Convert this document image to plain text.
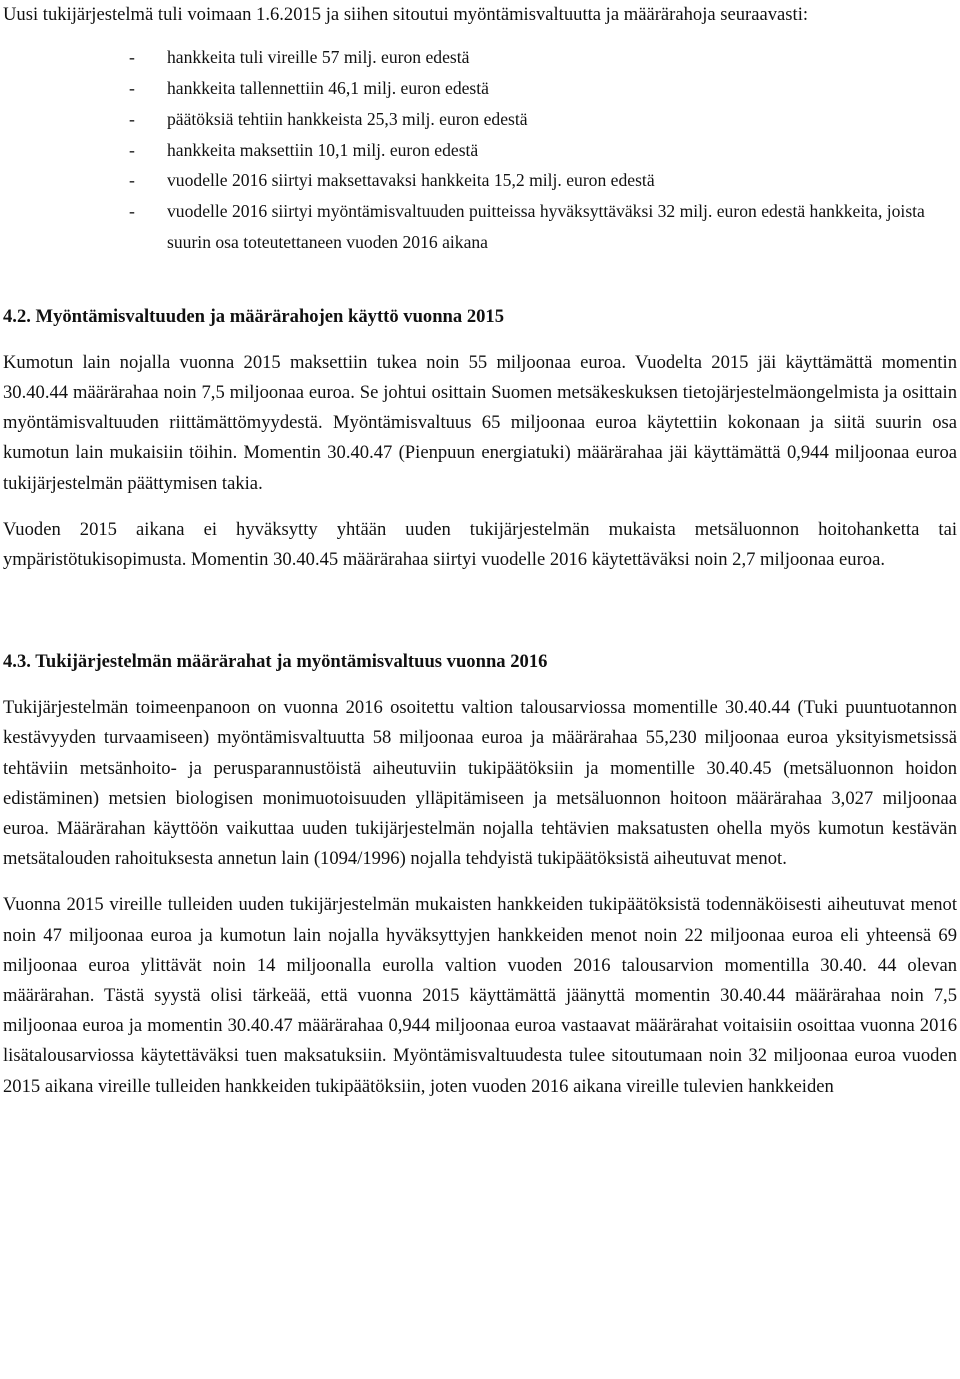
Uusi tukijärjestelmä tuli voimaan 1.6.2015 ja siihen sitoutui myöntämisvaltuutta ja määrärahoja seuraavasti:

- hankkeita tuli vireille 57 milj. euron edestä
- hankkeita tallennettiin 46,1 milj. euron edestä
- päätöksiä tehtiin hankkeista 25,3 milj. euron edestä
- hankkeita maksettiin 10,1 milj. euron edestä
- vuodelle 2016 siirtyi maksettavaksi hankkeita 15,2 milj. euron edestä
- vuodelle 2016 siirtyi myöntämisvaltuuden puitteissa hyväksyttäväksi 32 milj. euron edestä hankkeita, joista suurin osa toteutettaneen vuoden 2016 aikana
4.2. Myöntämisvaltuuden ja määrärahojen käyttö vuonna 2015

Kumotun lain nojalla vuonna 2015 maksettiin tukea noin 55 miljoonaa euroa. Vuodelta 2015 jäi käyttämättä momentin 30.40.44 määrärahaa noin 7,5 miljoonaa euroa. Se johtui osittain Suomen metsäkeskuksen tietojärjestelmäongelmista ja osittain myöntämisvaltuuden riittämättömyydestä. Myöntämisvaltuus 65 miljoonaa euroa käytettiin kokonaan ja siitä suurin osa kumotun lain mukaisiin töihin. Momentin 30.40.47 (Pienpuun energiatuki) määrärahaa jäi käyttämättä 0,944 miljoonaa euroa tukijärjestelmän päättymisen takia.

Vuoden 2015 aikana ei hyväksytty yhtään uuden tukijärjestelmän mukaista metsäluonnon hoitohanketta tai ympäristötukisopimusta. Momentin 30.40.45 määrärahaa siirtyi vuodelle 2016 käytettäväksi noin 2,7 miljoonaa euroa.

4.3. Tukijärjestelmän määrärahat ja myöntämisvaltuus vuonna 2016

Tukijärjestelmän toimeenpanoon on vuonna 2016 osoitettu valtion talousarviossa momentille 30.40.44 (Tuki puuntuotannon kestävyyden turvaamiseen) myöntämisvaltuutta 58 miljoonaa euroa ja määrärahaa 55,230 miljoonaa euroa yksityismetsissä tehtäviin metsänhoito- ja perusparannustöistä aiheutuviin tukipäätöksiin ja momentille 30.40.45 (metsäluonnon hoidon edistäminen) metsien biologisen monimuotoisuuden ylläpitämiseen ja metsäluonnon hoitoon määrärahaa 3,027 miljoonaa euroa. Määrärahan käyttöön vaikuttaa uuden tukijärjestelmän nojalla tehtävien maksatusten ohella myös kumotun kestävän metsätalouden rahoituksesta annetun lain (1094/1996) nojalla tehdyistä tukipäätöksistä aiheutuvat menot.

Vuonna 2015 vireille tulleiden uuden tukijärjestelmän mukaisten hankkeiden tukipäätöksistä todennäköisesti aiheutuvat menot noin 47 miljoonaa euroa ja kumotun lain nojalla hyväksyttyjen hankkeiden menot noin 22 miljoonaa euroa eli yhteensä 69 miljoonaa euroa ylittävät noin 14 miljoonalla eurolla valtion vuoden 2016 talousarvion momentilla 30.40. 44 olevan määrärahan. Tästä syystä olisi tärkeää, että vuonna 2015 käyttämättä jäänyttä momentin 30.40.44 määrärahaa noin 7,5 miljoonaa euroa ja momentin 30.40.47 määrärahaa 0,944 miljoonaa euroa vastaavat määrärahat voitaisiin osoittaa vuonna 2016 lisätalousarviossa käytettäväksi tuen maksatuksiin. Myöntämisvaltuudesta tulee sitoutumaan noin 32 miljoonaa euroa vuoden 2015 aikana vireille tulleiden hankkeiden tukipäätöksiin, joten vuoden 2016 aikana vireille tulevien hankkeiden
